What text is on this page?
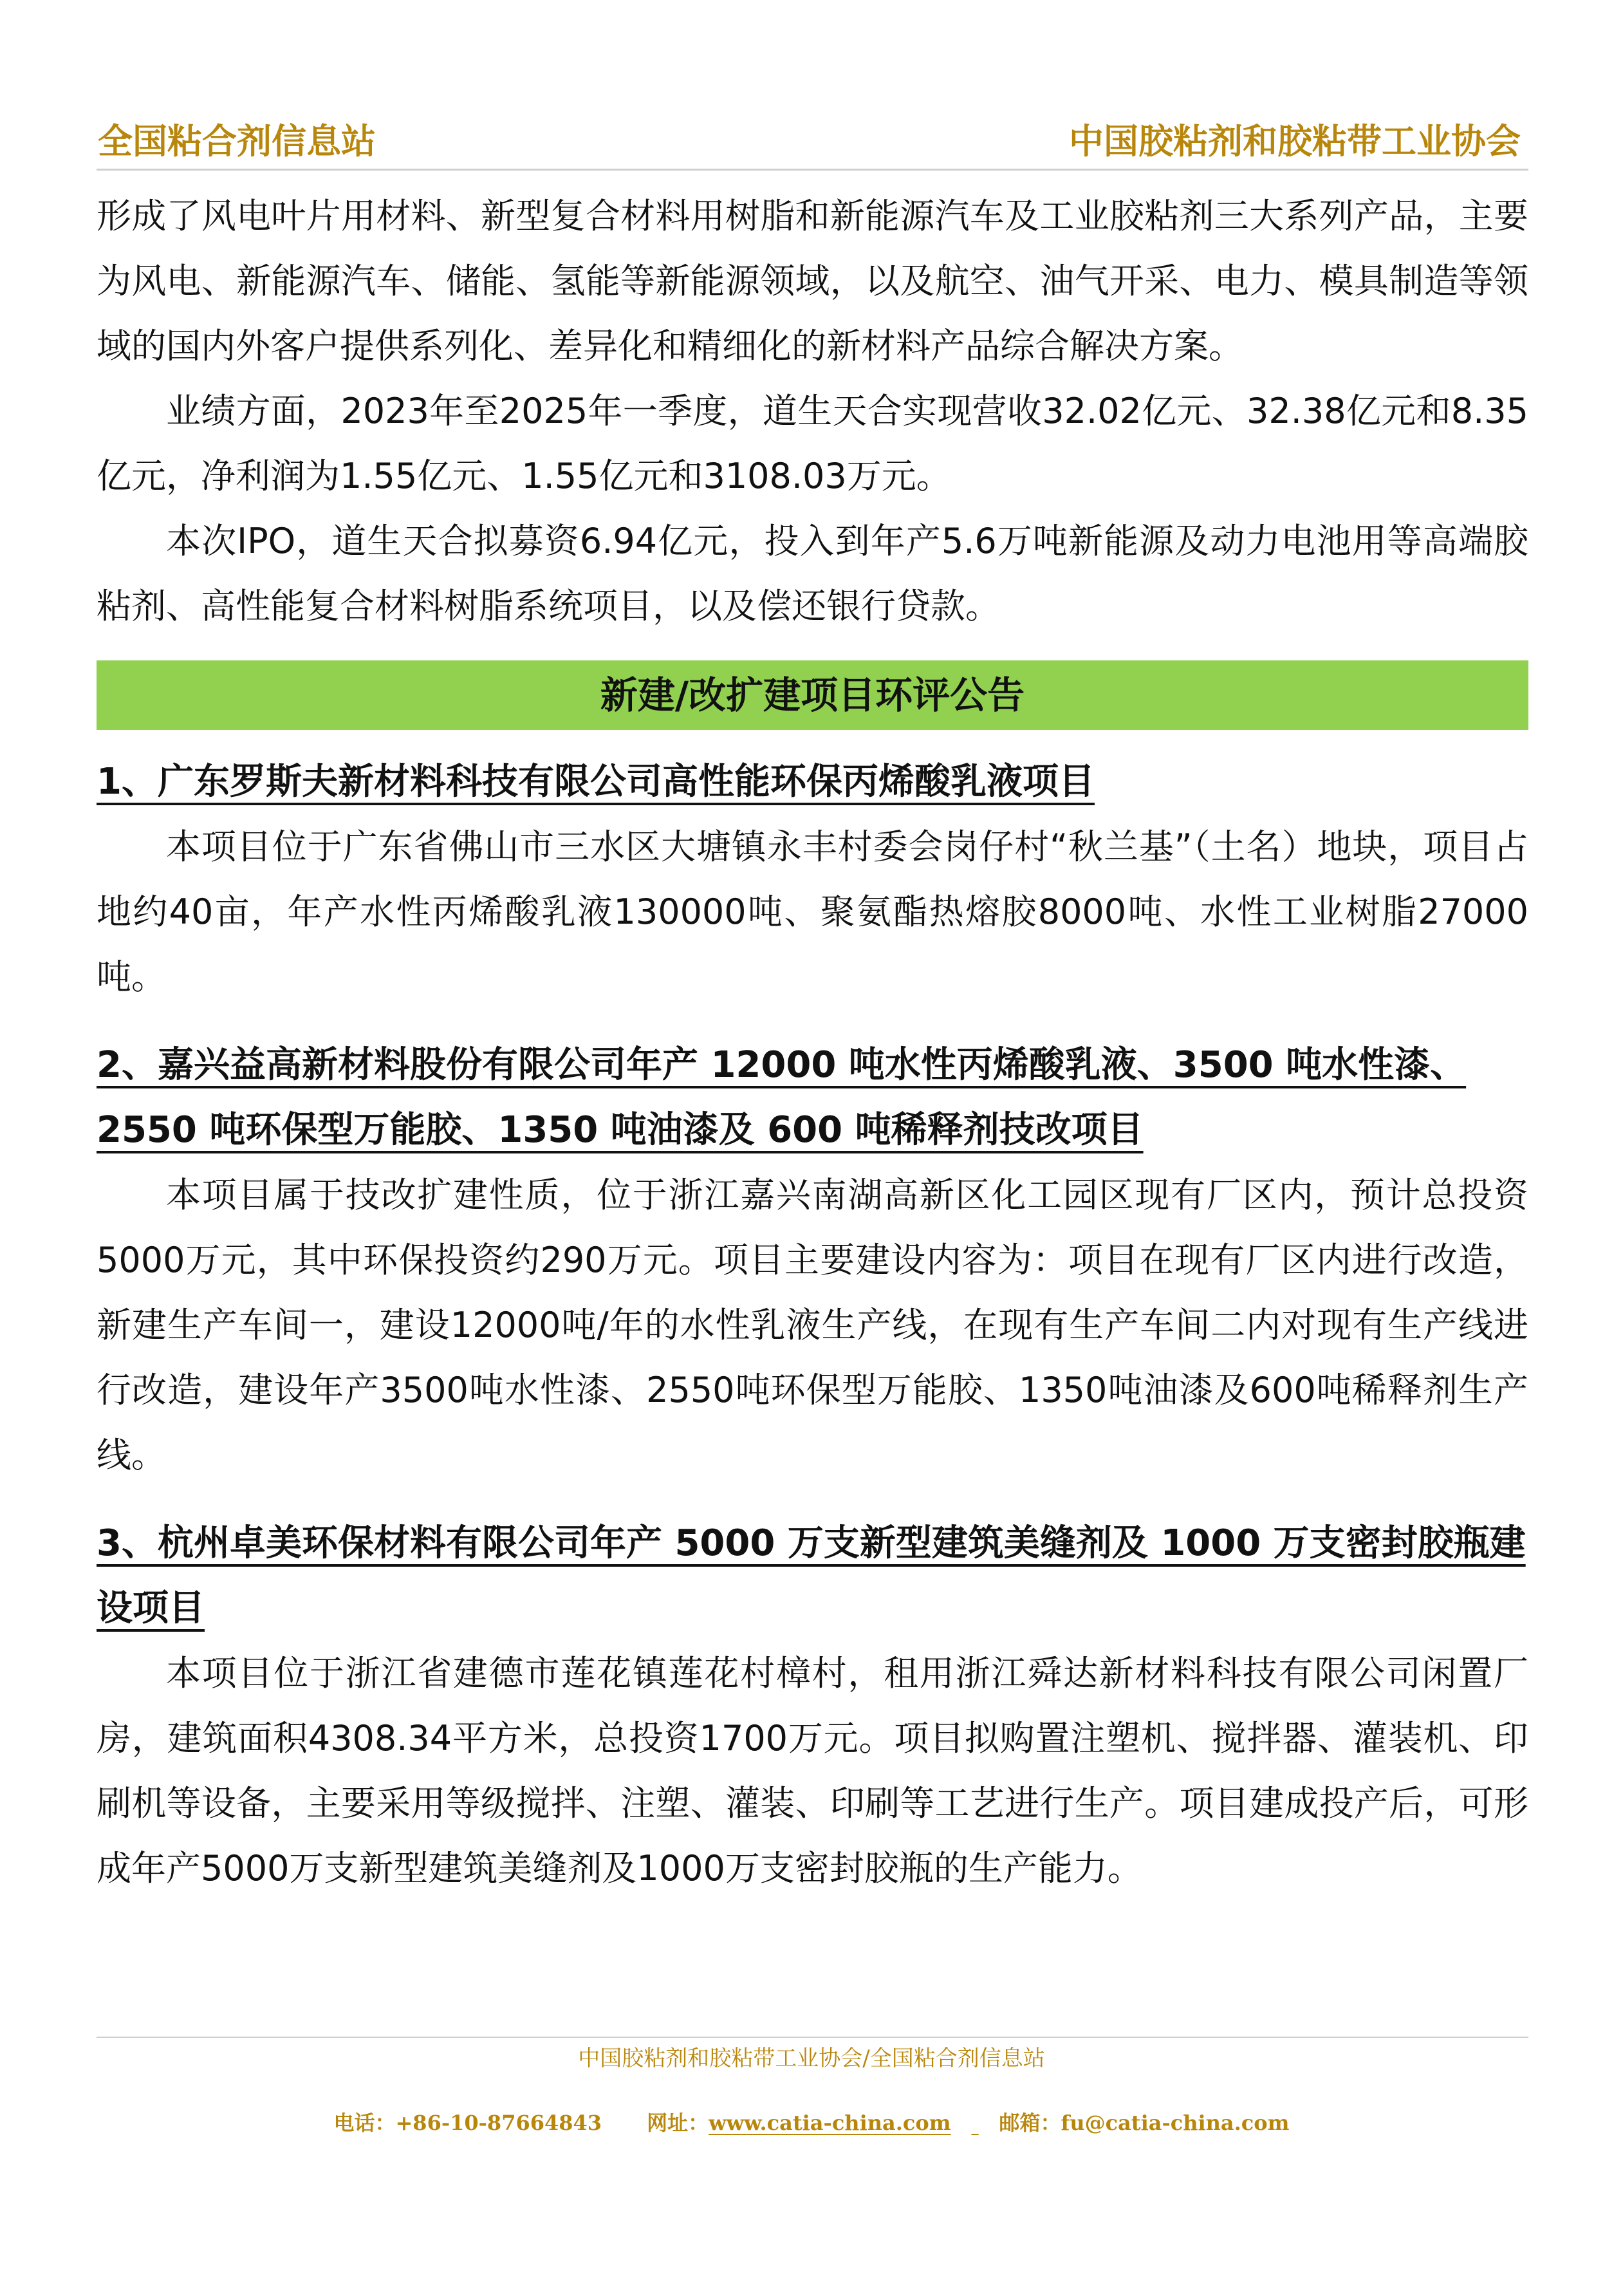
全国粘合剂信息站	中国胶粘剂和胶粘带工业协会

形成了风电叶片用材料、新型复合材料用树脂和新能源汽车及工业胶粘剂三大系列产品，主要为风电、新能源汽车、储能、氢能等新能源领域，以及航空、油气开采、电力、模具制造等领域的国内外客户提供系列化、差异化和精细化的新材料产品综合解决方案。

业绩方面，2023年至2025年一季度，道生天合实现营收32.02亿元、32.38亿元和8.35亿元，净利润为1.55亿元、1.55亿元和3108.03万元。

本次IPO，道生天合拟募资6.94亿元，投入到年产5.6万吨新能源及动力电池用等高端胶粘剂、高性能复合材料树脂系统项目，以及偿还银行贷款。

新建/改扩建项目环评公告

1、广东罗斯夫新材料科技有限公司高性能环保丙烯酸乳液项目

本项目位于广东省佛山市三水区大塘镇永丰村委会岗仔村“秋兰基”（土名）地块，项目占地约40亩，年产水性丙烯酸乳液130000吨、聚氨酯热熔胶8000吨、水性工业树脂27000吨。

2、嘉兴益高新材料股份有限公司年产 12000 吨水性丙烯酸乳液、3500 吨水性漆、2550 吨环保型万能胶、1350 吨油漆及 600 吨稀释剂技改项目

本项目属于技改扩建性质，位于浙江嘉兴南湖高新区化工园区现有厂区内，预计总投资5000万元，其中环保投资约290万元。项目主要建设内容为：项目在现有厂区内进行改造，新建生产车间一，建设12000吨/年的水性乳液生产线，在现有生产车间二内对现有生产线进行改造，建设年产3500吨水性漆、2550吨环保型万能胶、1350吨油漆及600吨稀释剂生产线。

3、杭州卓美环保材料有限公司年产 5000 万支新型建筑美缝剂及 1000 万支密封胶瓶建设项目

本项目位于浙江省建德市莲花镇莲花村樟村，租用浙江舜达新材料科技有限公司闲置厂房，建筑面积4308.34平方米，总投资1700万元。项目拟购置注塑机、搅拌器、灌装机、印刷机等设备，主要采用等级搅拌、注塑、灌装、印刷等工艺进行生产。项目建成投产后，可形成年产5000万支新型建筑美缝剂及1000万支密封胶瓶的生产能力。

中国胶粘剂和胶粘带工业协会/全国粘合剂信息站
电话：+86-10-87664843 网址：www.catia-china.com 邮箱：fu@catia-china.com
